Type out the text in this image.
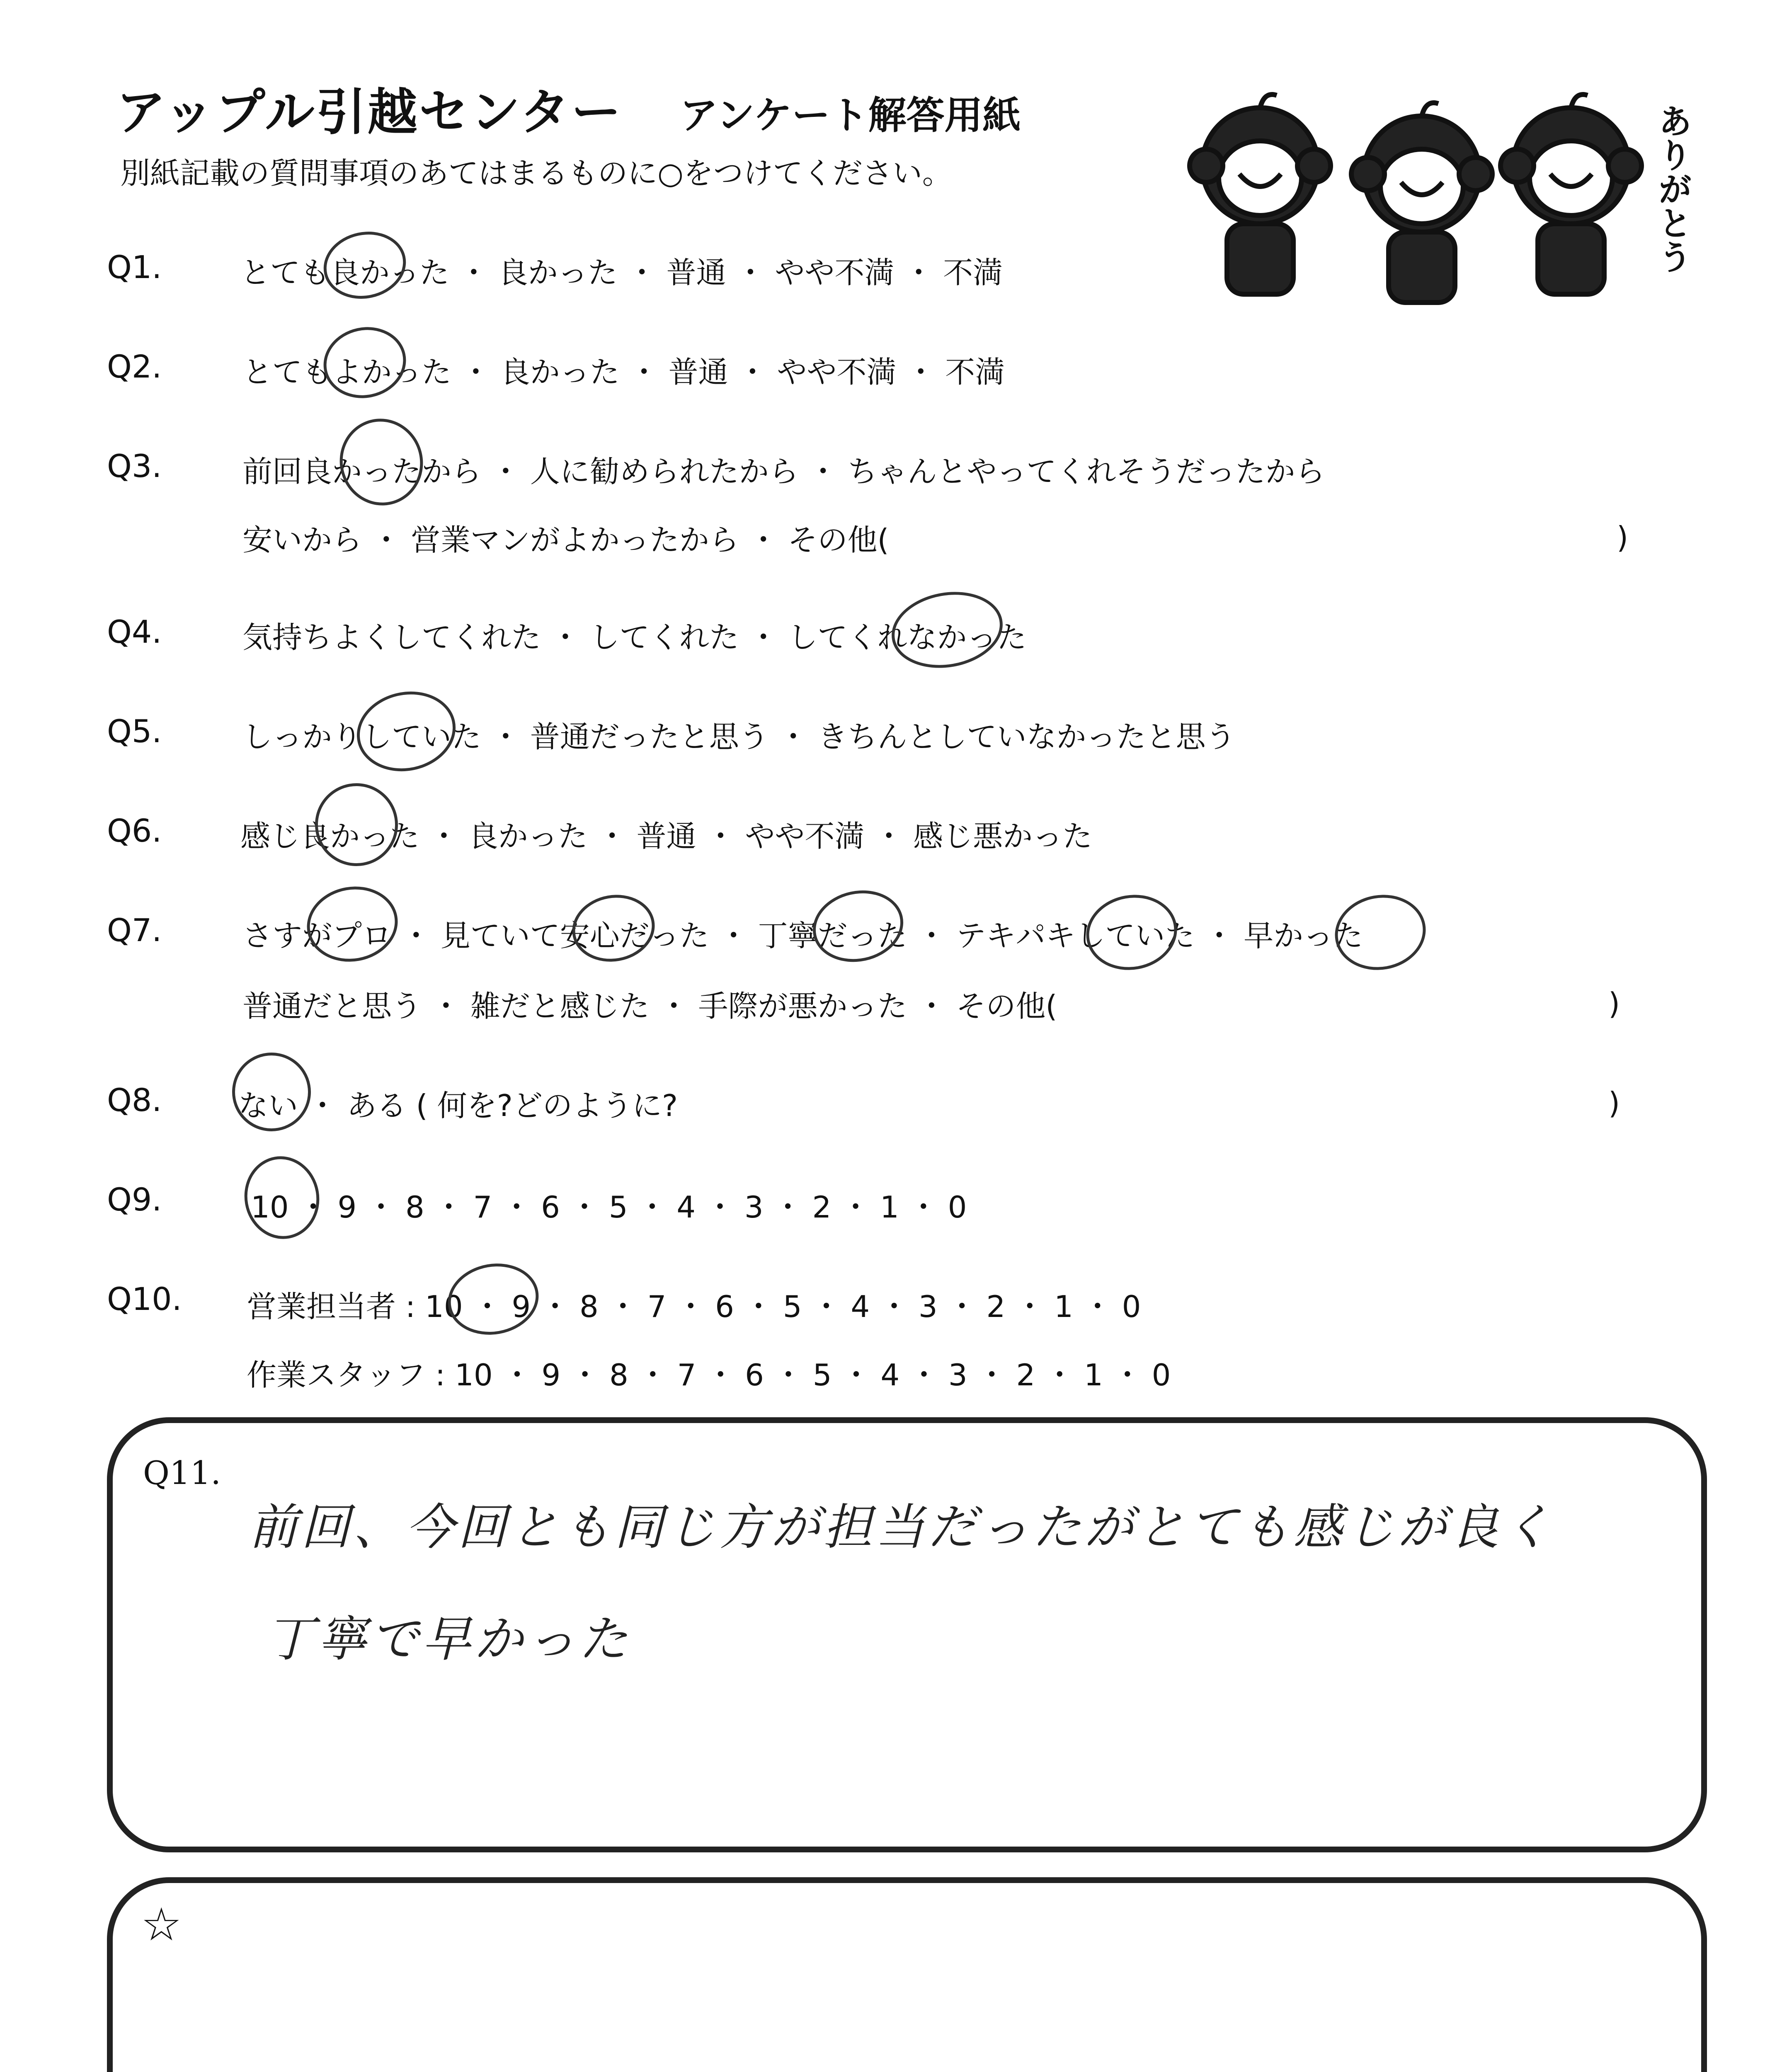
アップル引越センター アンケート解答用紙
別紙記載の質問事項のあてはまるものに○をつけてください。	ありがとう
Q1.	とても良かった ・ 良かった ・ 普通 ・ やや不満 ・ 不満
Q2.	とてもよかった ・ 良かった ・ 普通 ・ やや不満 ・ 不満
Q3.	前回良かったから ・ 人に勧められたから ・ ちゃんとやってくれそうだったから
安いから ・ 営業マンがよかったから ・ その他(	)
Q4.	気持ちよくしてくれた ・ してくれた ・ してくれなかった
Q5.	しっかりしていた ・ 普通だったと思う ・ きちんとしていなかったと思う
Q6.	感じ良かった ・ 良かった ・ 普通 ・ やや不満 ・ 感じ悪かった
Q7.	さすがプロ ・ 見ていて安心だった ・ 丁寧だった ・ テキパキしていた ・ 早かった
普通だと思う ・ 雑だと感じた ・ 手際が悪かった ・ その他(	)
Q8.	ない ・ ある ( 何を?どのように?	)
Q9.	10 ・ 9 ・ 8 ・ 7 ・ 6 ・ 5 ・ 4 ・ 3 ・ 2 ・ 1 ・ 0
Q10. 営業担当者 : 10 ・ 9 ・ 8 ・ 7 ・ 6 ・ 5 ・ 4 ・ 3 ・ 2 ・ 1 ・ 0
作業スタッフ : 10 ・ 9 ・ 8 ・ 7 ・ 6 ・ 5 ・ 4 ・ 3 ・ 2 ・ 1 ・ 0
Q11.
前回、今回とも同じ方が担当だったがとても感じが良く
丁寧で早かった
☆
